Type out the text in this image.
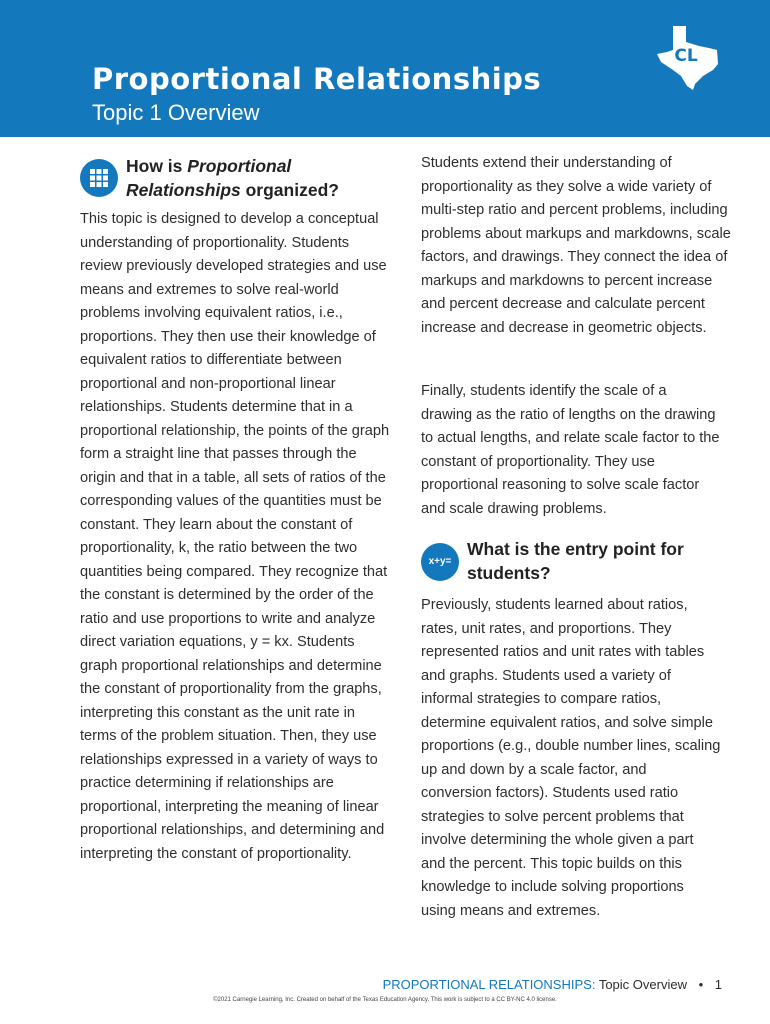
Proportional Relationships
Topic 1 Overview
CL
How is Proportional Relationships organized?

This topic is designed to develop a conceptual understanding of proportionality. Students review previously developed strategies and use means and extremes to solve real-world problems involving equivalent ratios, i.e., proportions. They then use their knowledge of equivalent ratios to differentiate between proportional and non-proportional linear relationships. Students determine that in a proportional relationship, the points of the graph form a straight line that passes through the origin and that in a table, all sets of ratios of the corresponding values of the quantities must be constant. They learn about the constant of proportionality, k, the ratio between the two quantities being compared. They recognize that the constant is determined by the order of the ratio and use proportions to write and analyze direct variation equations, y = kx. Students graph proportional relationships and determine the constant of proportionality from the graphs, interpreting this constant as the unit rate in terms of the problem situation. Then, they use relationships expressed in a variety of ways to practice determining if relationships are proportional, interpreting the meaning of linear proportional relationships, and determining and interpreting the constant of proportionality.

Students extend their understanding of proportionality as they solve a wide variety of multi-step ratio and percent problems, including problems about markups and markdowns, scale factors, and drawings. They connect the idea of markups and markdowns to percent increase and percent decrease and calculate percent increase and decrease in geometric objects.

Finally, students identify the scale of a drawing as the ratio of lengths on the drawing to actual lengths, and relate scale factor to the constant of proportionality. They use proportional reasoning to solve scale factor and scale drawing problems.

x+y=
What is the entry point for students?

Previously, students learned about ratios, rates, unit rates, and proportions. They represented ratios and unit rates with tables and graphs. Students used a variety of informal strategies to compare ratios, determine equivalent ratios, and solve simple proportions (e.g., double number lines, scaling up and down by a scale factor, and conversion factors). Students used ratio strategies to solve percent problems that involve determining the whole given a part and the percent. This topic builds on this knowledge to include solving proportions using means and extremes.

PROPORTIONAL RELATIONSHIPS: Topic Overview • 1
©2021 Carnegie Learning, Inc. Created on behalf of the Texas Education Agency. This work is subject to a CC BY-NC 4.0 license.
